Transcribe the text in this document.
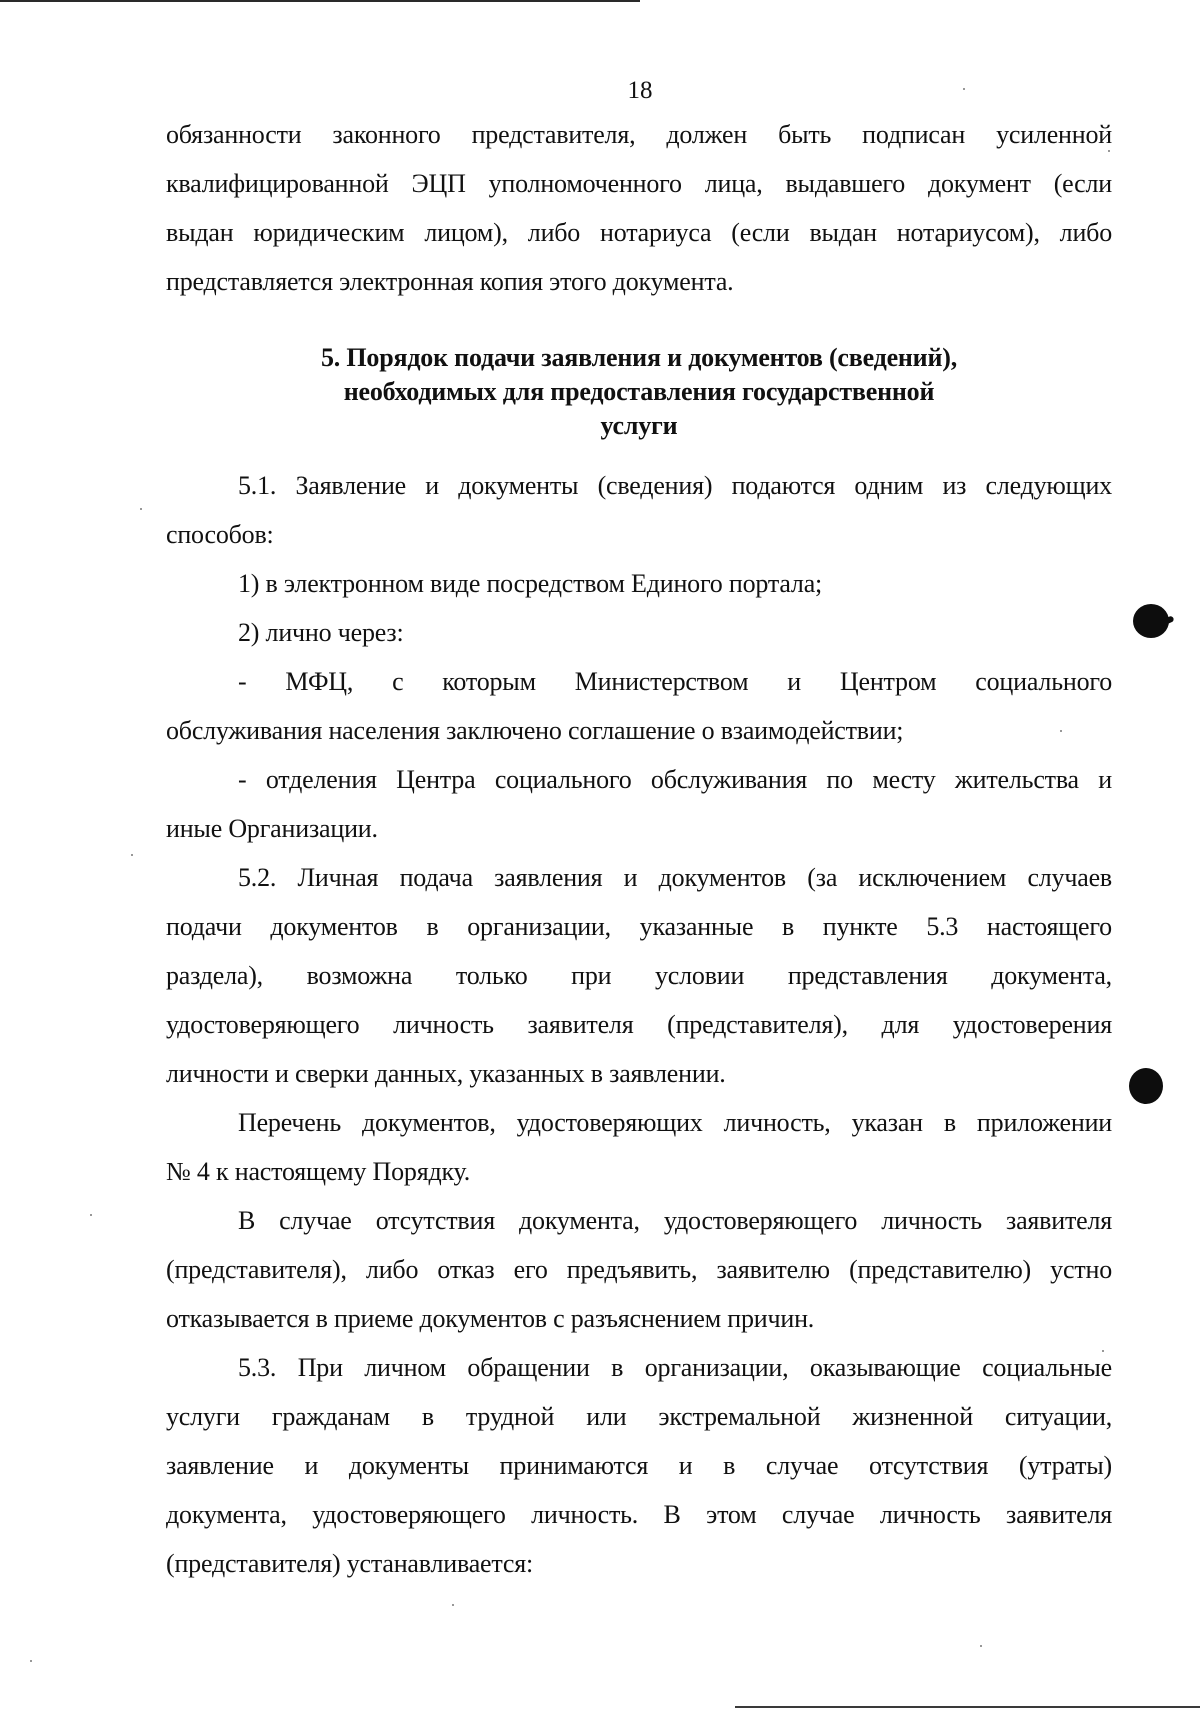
18
обязанности законного представителя, должен быть подписан усиленной
квалифицированной ЭЦП уполномоченного лица, выдавшего документ (если
выдан юридическим лицом), либо нотариуса (если выдан нотариусом), либо
представляется электронная копия этого документа.
5. Порядок подачи заявления и документов (сведений),
необходимых для предоставления государственной
услуги
5.1. Заявление и документы (сведения) подаются одним из следующих
способов:
1) в электронном виде посредством Единого портала;
2) лично через:
- МФЦ, с которым Министерством и Центром социального
обслуживания населения заключено соглашение о взаимодействии;
- отделения Центра социального обслуживания по месту жительства и
иные Организации.
5.2. Личная подача заявления и документов (за исключением случаев
подачи документов в организации, указанные в пункте 5.3 настоящего
раздела), возможна только при условии представления документа,
удостоверяющего личность заявителя (представителя), для удостоверения
личности и сверки данных, указанных в заявлении.
Перечень документов, удостоверяющих личность, указан в приложении
№ 4 к настоящему Порядку.
В случае отсутствия документа, удостоверяющего личность заявителя
(представителя), либо отказ его предъявить, заявителю (представителю) устно
отказывается в приеме документов с разъяснением причин.
5.3. При личном обращении в организации, оказывающие социальные
услуги гражданам в трудной или экстремальной жизненной ситуации,
заявление и документы принимаются и в случае отсутствия (утраты)
документа, удостоверяющего личность. В этом случае личность заявителя
(представителя) устанавливается:
